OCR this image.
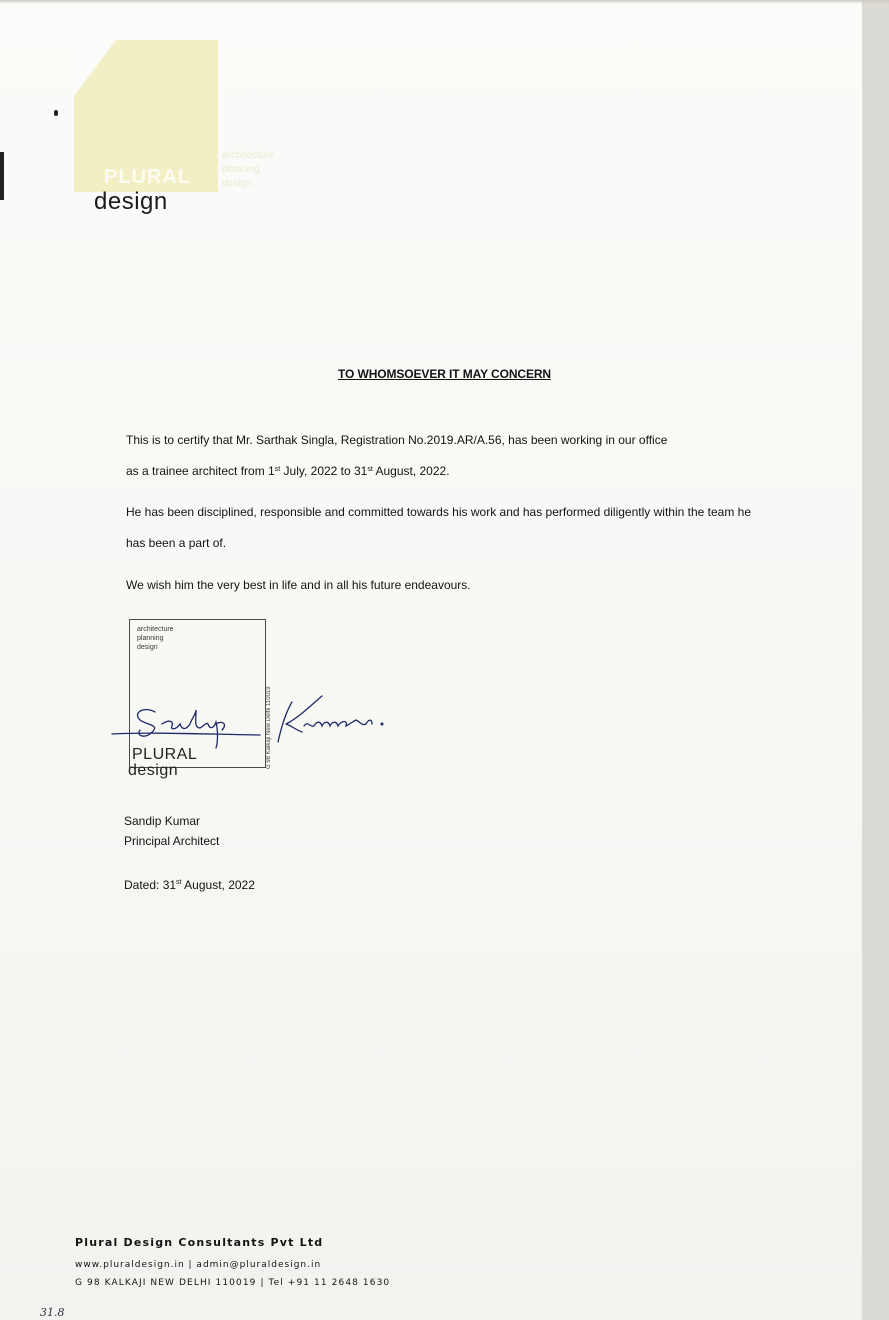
PLURAL
design
architecture
planning
design
TO WHOMSOEVER IT MAY CONCERN
This is to certify that Mr. Sarthak Singla, Registration No.2019.AR/A.56, has been working in our office
as a trainee architect from 1st July, 2022 to 31st August, 2022.
He has been disciplined, responsible and committed towards his work and has performed diligently within the team he has been a part of.
We wish him the very best in life and in all his future endeavours.
architecture
planning
design
G 98 Kalkaji New Delhi 110019
PLURAL
design
Sandip Kumar
Principal Architect
Dated: 31st August, 2022
Plural Design Consultants Pvt Ltd
www.pluraldesign.in | admin@pluraldesign.in
G 98 KALKAJI NEW DELHI 110019 | Tel +91 11 2648 1630
31.8
